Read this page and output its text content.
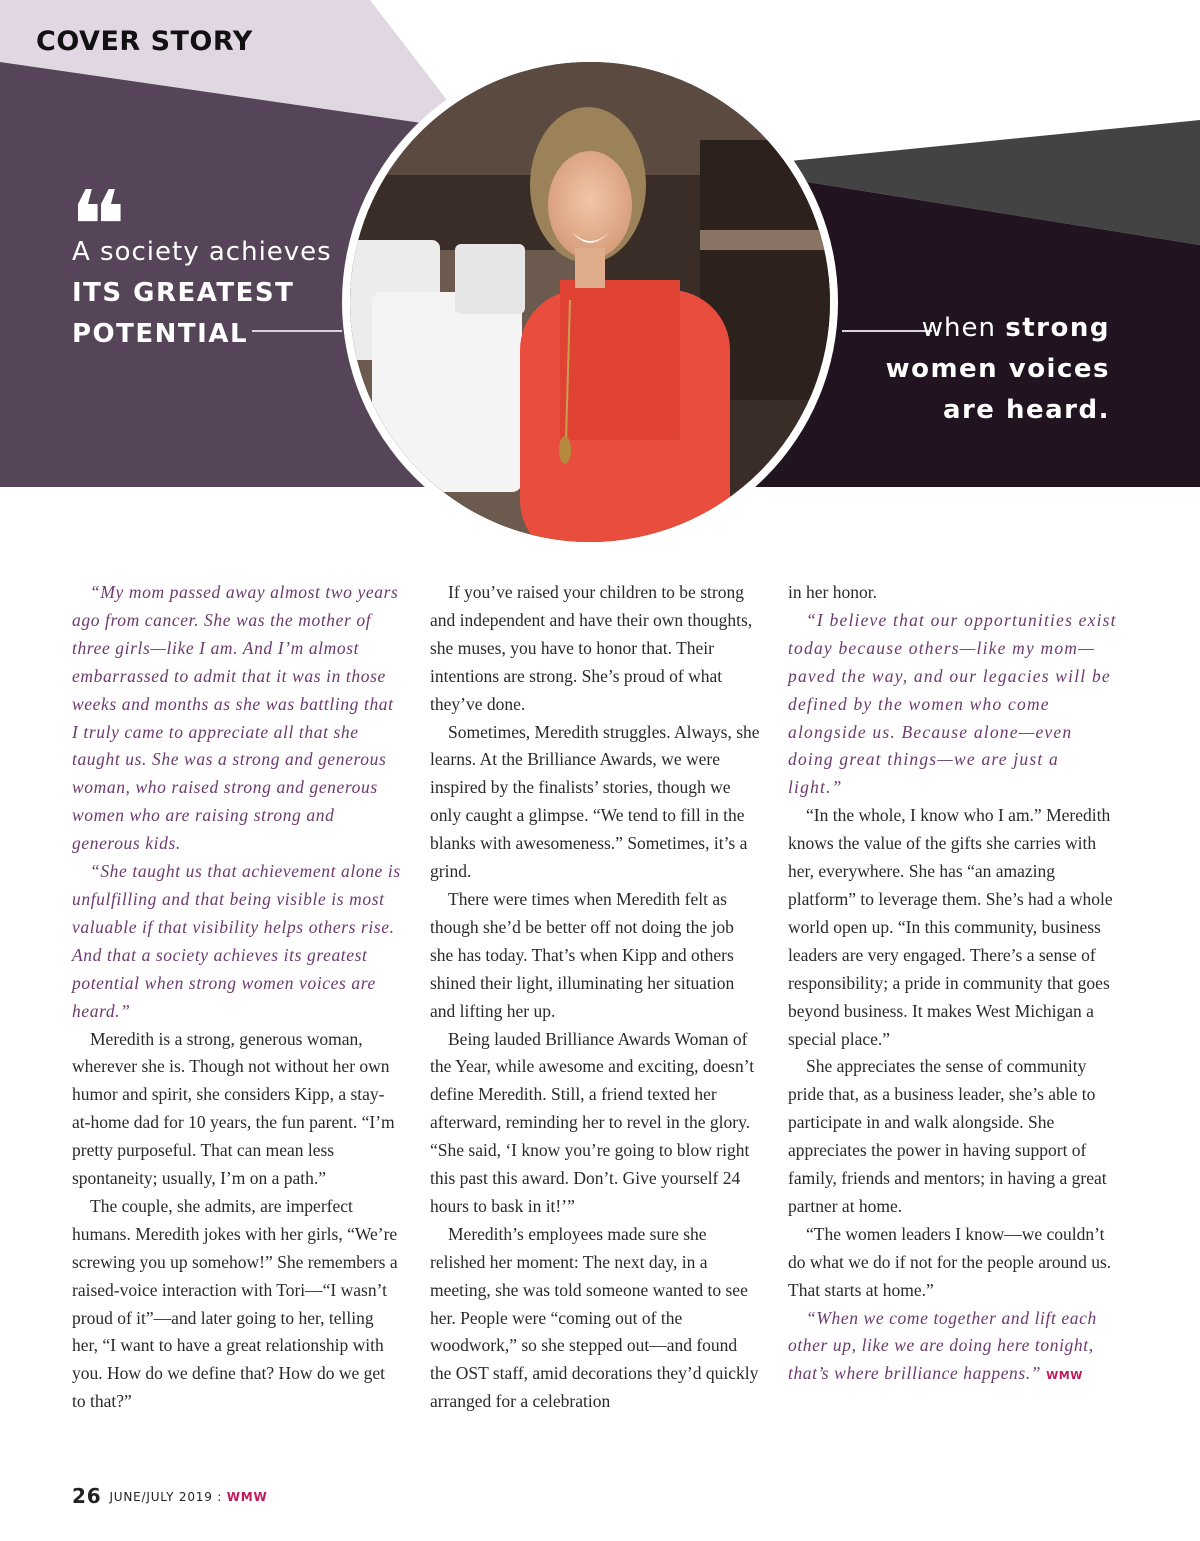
COVER STORY
❝
A society achieves
ITS GREATEST
POTENTIAL	when strong
women voices
are heard.

“My mom passed away almost two years ago from cancer. She was the mother of three girls—like I am. And I’m almost embarrassed to admit that it was in those weeks and months as she was battling that I truly came to appreciate all that she taught us. She was a strong and generous woman, who raised strong and generous women who are raising strong and generous kids.

“She taught us that achievement alone is unfulfilling and that being visible is most valuable if that visibility helps others rise. And that a society achieves its greatest potential when strong women voices are heard.”

Meredith is a strong, generous woman, wherever she is. Though not without her own humor and spirit, she considers Kipp, a stay-at-home dad for 10 years, the fun parent. “I’m pretty purposeful. That can mean less spontaneity; usually, I’m on a path.”

The couple, she admits, are imperfect humans. Meredith jokes with her girls, “We’re screwing you up somehow!” She remembers a raised-voice interaction with Tori—“I wasn’t proud of it”—and later going to her, telling her, “I want to have a great relationship with you. How do we define that? How do we get to that?”

If you’ve raised your children to be strong and independent and have their own thoughts, she muses, you have to honor that. Their intentions are strong. She’s proud of what they’ve done.

Sometimes, Meredith struggles. Always, she learns. At the Brilliance Awards, we were inspired by the finalists’ stories, though we only caught a glimpse. “We tend to fill in the blanks with awesomeness.” Sometimes, it’s a grind.

There were times when Meredith felt as though she’d be better off not doing the job she has today. That’s when Kipp and others shined their light, illuminating her situation and lifting her up.

Being lauded Brilliance Awards Woman of the Year, while awesome and exciting, doesn’t define Meredith. Still, a friend texted her afterward, reminding her to revel in the glory. “She said, ‘I know you’re going to blow right this past this award. Don’t. Give yourself 24 hours to bask in it!’”

Meredith’s employees made sure she relished her moment: The next day, in a meeting, she was told someone wanted to see her. People were “coming out of the woodwork,” so she stepped out—and found the OST staff, amid decorations they’d quickly arranged for a celebration

in her honor.

“I believe that our opportunities exist today because others—like my mom—paved the way, and our legacies will be defined by the women who come alongside us. Because alone—even doing great things—we are just a light.”

“In the whole, I know who I am.” Meredith knows the value of the gifts she carries with her, everywhere. She has “an amazing platform” to leverage them. She’s had a whole world open up. “In this community, business leaders are very engaged. There’s a sense of responsibility; a pride in community that goes beyond business. It makes West Michigan a special place.”

She appreciates the sense of community pride that, as a business leader, she’s able to participate in and walk alongside. She appreciates the power in having support of family, friends and mentors; in having a great partner at home.

“The women leaders I know—we couldn’t do what we do if not for the people around us. That starts at home.”

“When we come together and lift each other up, like we are doing here tonight, that’s where brilliance happens.” WMW

26 JUNE/JULY 2019 : WMW
